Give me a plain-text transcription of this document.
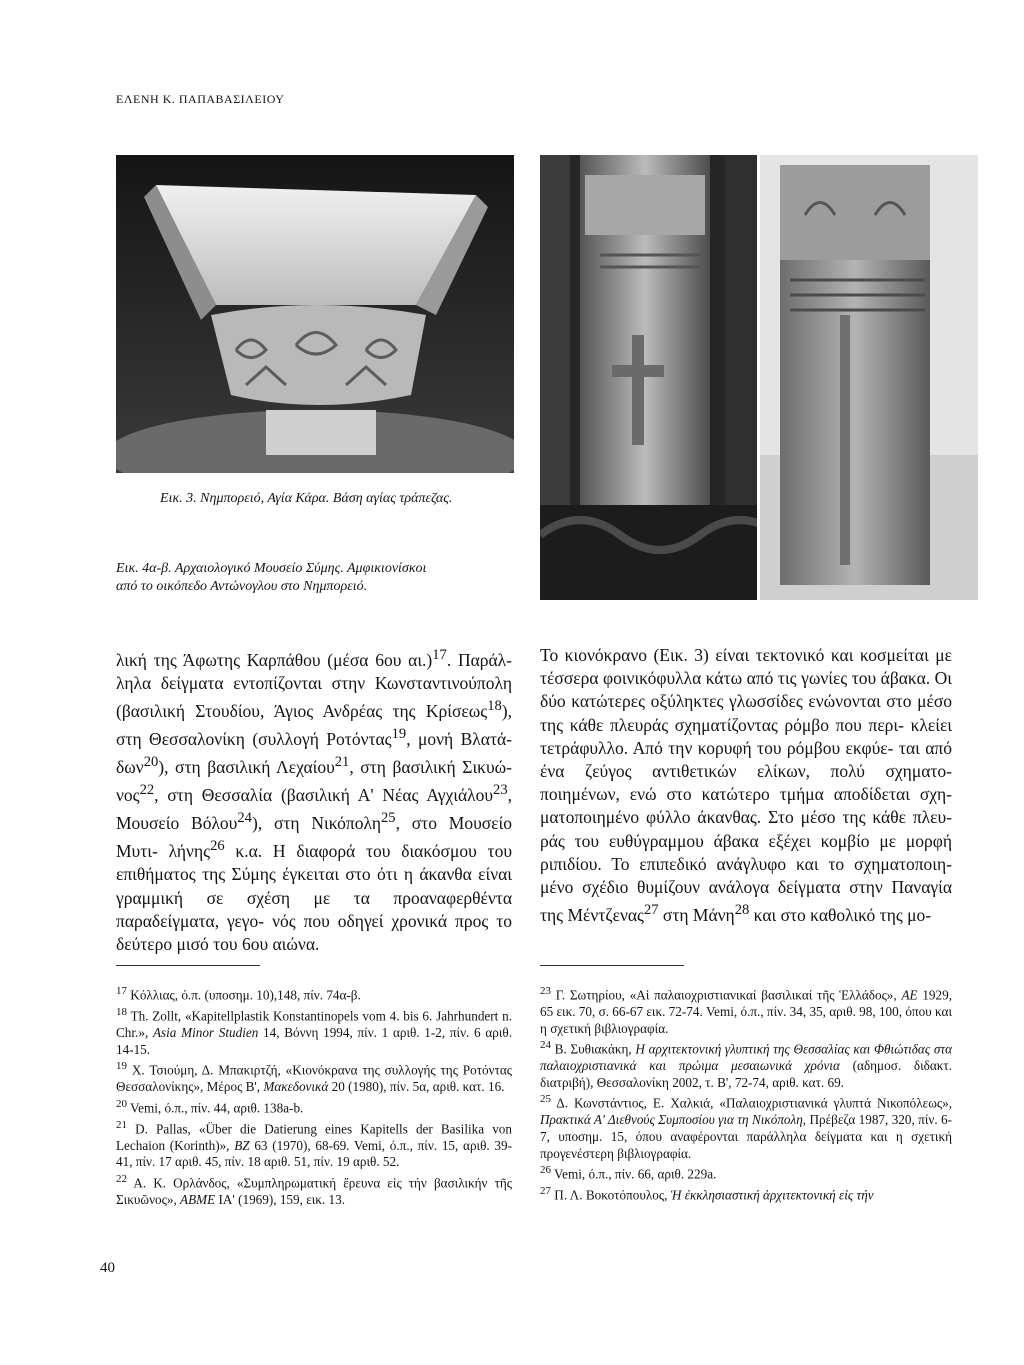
ΕΛΕΝΗ Κ. ΠΑΠΑΒΑΣΙΛΕΙΟΥ
Εικ. 3. Νημπορειό, Αγία Κάρα. Βάση αγίας τράπεζας.
Εικ. 4α-β. Αρχαιολογικό Μουσείο Σύμης. Αμφικιονίσκοι
από το οικόπεδο Αντώνογλου στο Νημπορειό.

λική της Άφωτης Καρπάθου (μέσα 6ου αι.)$^{17}$. Παράλ- ληλα δείγματα εντοπίζονται στην Κωνσταντινούπολη (βασιλική Στουδίου, Άγιος Ανδρέας της Κρίσεως$^{18}$), στη Θεσσαλονίκη (συλλογή Ροτόντας$^{19}$, μονή Βλατά- δων$^{20}$), στη βασιλική Λεχαίου$^{21}$, στη βασιλική Σικυώ- νος$^{22}$, στη Θεσσαλία (βασιλική Α' Νέας Αγχιάλου$^{23}$, Μουσείο Βόλου$^{24}$), στη Νικόπολη$^{25}$, στο Μουσείο Μυτι- λήνης$^{26}$ κ.α. Η διαφορά του διακόσμου του επιθήματος της Σύμης έγκειται στο ότι η άκανθα είναι γραμμική σε σχέση με τα προαναφερθέντα παραδείγματα, γεγο- νός που οδηγεί χρονικά προς το δεύτερο μισό του 6ου αιώνα.

Το κιονόκρανο (Εικ. 3) είναι τεκτονικό και κοσμείται με τέσσερα φοινικόφυλλα κάτω από τις γωνίες του άβακα. Οι δύο κατώτερες οξύληκτες γλωσσίδες ενώνονται στο μέσο της κάθε πλευράς σχηματίζοντας ρόμβο που περι- κλείει τετράφυλλο. Από την κορυφή του ρόμβου εκφύε- ται από ένα ζεύγος αντιθετικών ελίκων, πολύ σχηματο- ποιημένων, ενώ στο κατώτερο τμήμα αποδίδεται σχη- ματοποιημένο φύλλο άκανθας. Στο μέσο της κάθε πλευ- ράς του ευθύγραμμου άβακα εξέχει κομβίο με μορφή ριπιδίου. Το επιπεδικό ανάγλυφο και το σχηματοποιη- μένο σχέδιο θυμίζουν ανάλογα δείγματα στην Παναγία της Μέντζενας$^{27}$ στη Μάνη$^{28}$ και στο καθολικό της μο-

$^{17}$ Κόλλιας, ό.π. (υποσημ. 10),148, πίν. 74α-β.

$^{18}$ Th. Zollt, «Kapitellplastik Konstantinopels vom 4. bis 6. Jahrhundert n. Chr.», Asia Minor Studien 14, Βόννη 1994, πίν. 1 αριθ. 1-2, πίν. 6 αριθ. 14-15.

$^{19}$ Χ. Τσιούμη, Δ. Μπακιρτζή, «Κιονόκρανα της συλλογής της Ροτόντας Θεσσαλονίκης», Μέρος Β', Μακεδονικά 20 (1980), πίν. 5α, αριθ. κατ. 16.

$^{20}$ Vemi, ό.π., πίν. 44, αριθ. 138a-b.

$^{21}$ D. Pallas, «Über die Datierung eines Kapitells der Basilika von Lechaion (Korinth)», BZ 63 (1970), 68-69. Vemi, ό.π., πίν. 15, αριθ. 39-41, πίν. 17 αριθ. 45, πίν. 18 αριθ. 51, πίν. 19 αριθ. 52.

$^{22}$ Α. Κ. Ορλάνδος, «Συμπληρωματική ἔρευνα εἰς τήν βασιλικήν τῆς Σικυῶνος», ΑΒΜΕ ΙΑ' (1969), 159, εικ. 13.

$^{23}$ Γ. Σωτηρίου, «Αἱ παλαιοχριστιανικαί βασιλικαί τῆς Ἑλλάδος», ΑΕ 1929, 65 εικ. 70, σ. 66-67 εικ. 72-74. Vemi, ό.π., πίν. 34, 35, αριθ. 98, 100, όπου και η σχετική βιβλιογραφία.

$^{24}$ Β. Συθιακάκη, Η αρχιτεκτονική γλυπτική της Θεσσαλίας και Φθιώτιδας στα παλαιοχριστιανικά και πρώιμα μεσαιωνικά χρόνια (αδημοσ. διδακτ. διατριβή), Θεσσαλονίκη 2002, τ. Β', 72-74, αριθ. κατ. 69.

$^{25}$ Δ. Κωνστάντιος, Ε. Χαλκιά, «Παλαιοχριστιανικά γλυπτά Νικοπόλεως», Πρακτικά Α' Διεθνούς Συμποσίου για τη Νικόπολη, Πρέβεζα 1987, 320, πίν. 6-7, υποσημ. 15, όπου αναφέρονται παράλληλα δείγματα και η σχετική προγενέστερη βιβλιογραφία.

$^{26}$ Vemi, ό.π., πίν. 66, αριθ. 229a.

$^{27}$ Π. Λ. Βοκοτόπουλος, Ἡ ἐκκλησιαστική ἀρχιτεκτονική εἰς τήν

40
